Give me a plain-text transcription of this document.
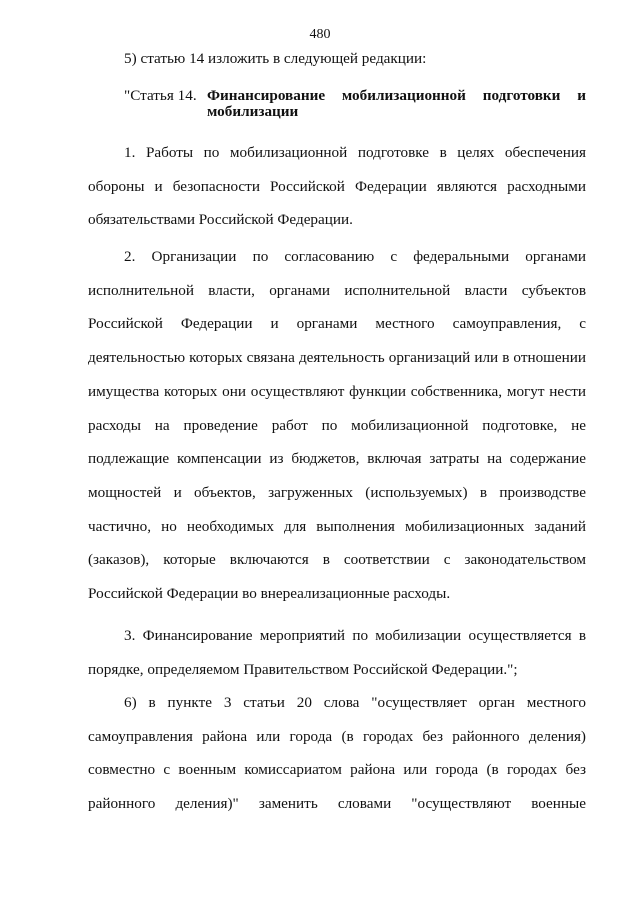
480
5) статью 14 изложить в следующей редакции:
"Статья 14. Финансирование мобилизационной подготовки и мобилизации
1. Работы по мобилизационной подготовке в целях обеспечения обороны и безопасности Российской Федерации являются расходными обязательствами Российской Федерации.
2. Организации по согласованию с федеральными органами исполнительной власти, органами исполнительной власти субъектов Российской Федерации и органами местного самоуправления, с деятельностью которых связана деятельность организаций или в отношении имущества которых они осуществляют функции собственника, могут нести расходы на проведение работ по мобилизационной подготовке, не подлежащие компенсации из бюджетов, включая затраты на содержание мощностей и объектов, загруженных (используемых) в производстве частично, но необходимых для выполнения мобилизационных заданий (заказов), которые включаются в соответствии с законодательством Российской Федерации во внереализационные расходы.
3. Финансирование мероприятий по мобилизации осуществляется в порядке, определяемом Правительством Российской Федерации.";
6) в пункте 3 статьи 20 слова "осуществляет орган местного самоуправления района или города (в городах без районного деления) совместно с военным комиссариатом района или города (в городах без районного деления)" заменить словами "осуществляют военные
